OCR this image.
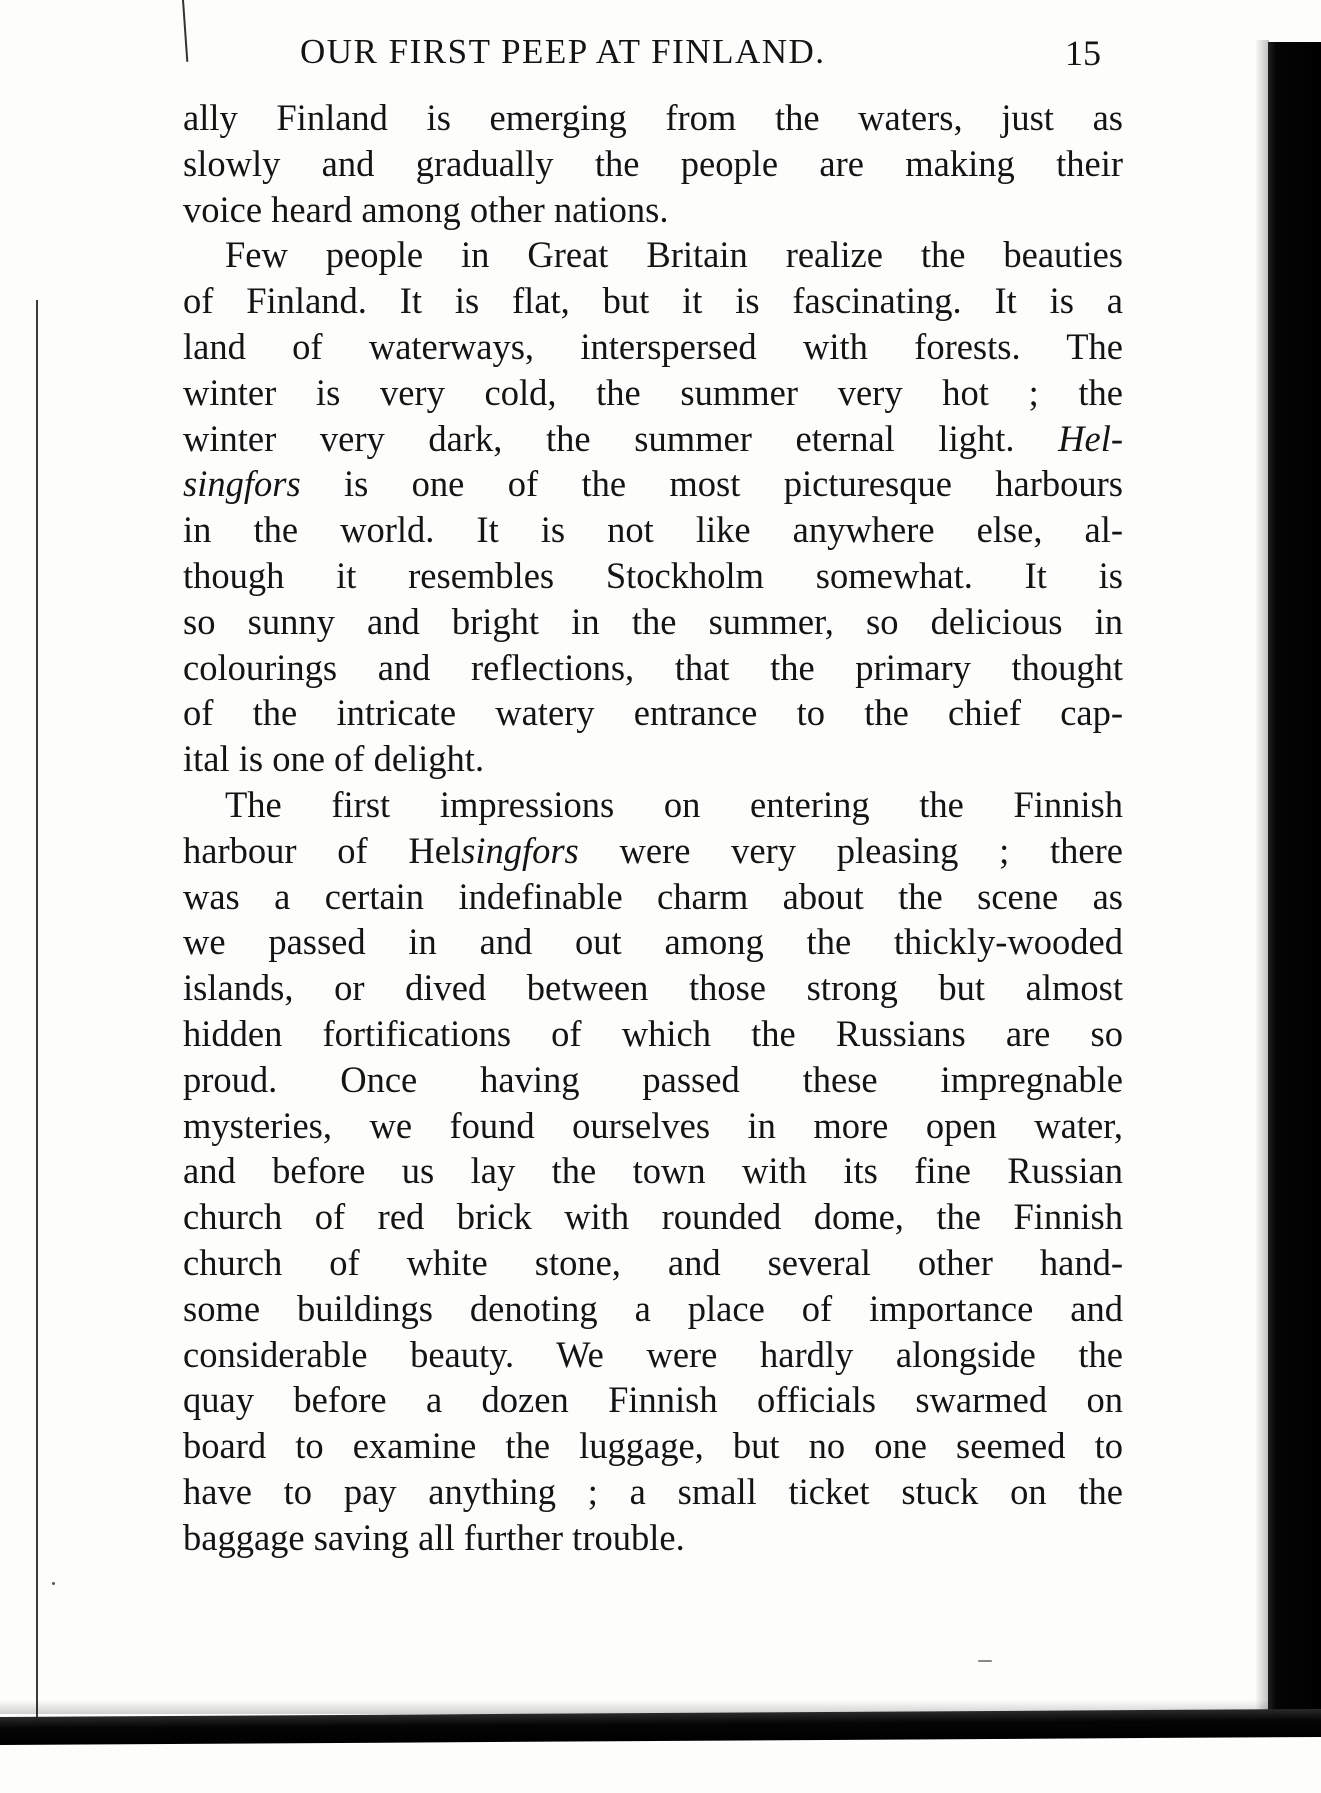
OUR FIRST PEEP AT FINLAND.	15
ally Finland is emerging from the waters, just as
slowly and gradually the people are making their
voice heard among other nations.
Few people in Great Britain realize the beauties
of Finland. It is flat, but it is fascinating. It is a
land of waterways, interspersed with forests. The
winter is very cold, the summer very hot ; the
winter very dark, the summer eternal light. Hel-
singfors is one of the most picturesque harbours
in the world. It is not like anywhere else, al-
though it resembles Stockholm somewhat. It is
so sunny and bright in the summer, so delicious in
colourings and reflections, that the primary thought
of the intricate watery entrance to the chief cap-
ital is one of delight.
The first impressions on entering the Finnish
harbour of Helsingfors were very pleasing ; there
was a certain indefinable charm about the scene as
we passed in and out among the thickly-wooded
islands, or dived between those strong but almost
hidden fortifications of which the Russians are so
proud. Once having passed these impregnable
mysteries, we found ourselves in more open water,
and before us lay the town with its fine Russian
church of red brick with rounded dome, the Finnish
church of white stone, and several other hand-
some buildings denoting a place of importance and
considerable beauty. We were hardly alongside the
quay before a dozen Finnish officials swarmed on
board to examine the luggage, but no one seemed to
have to pay anything ; a small ticket stuck on the
baggage saving all further trouble.
